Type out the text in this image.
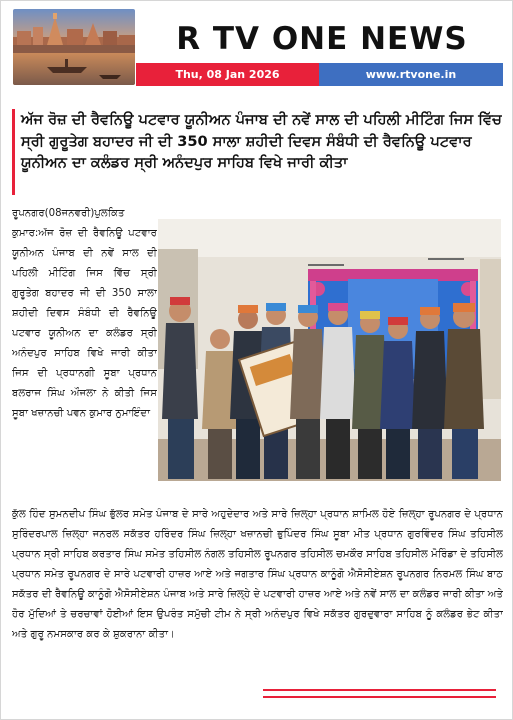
R TV ONE NEWS
Thu, 08 Jan 2026	www.rtvone.in
ਅੱਜ ਰੋਜ਼ ਦੀ ਰੈਵਨਿਊ ਪਟਵਾਰ ਯੂਨੀਅਨ ਪੰਜਾਬ ਦੀ ਨਵੇਂ ਸਾਲ ਦੀ ਪਹਿਲੀ ਮੀਟਿੰਗ ਜਿਸ ਵਿੱਚ ਸ੍ਰੀ ਗੁਰੂਤੇਗ ਬਹਾਦਰ ਜੀ ਦੀ 350 ਸਾਲਾ ਸ਼ਹੀਦੀ ਦਿਵਸ ਸੰਬੰਧੀ ਦੀ ਰੈਵਨਿਊ ਪਟਵਾਰ ਯੂਨੀਅਨ ਦਾ ਕਲੰਡਰ ਸ੍ਰੀ ਅਨੰਦਪੁਰ ਸਾਹਿਬ ਵਿਖੇ ਜਾਰੀ ਕੀਤਾ
ਰੂਪਨਗਰ(08ਜਨਵਰੀ)ਪੁਲਕਿਤ ਕੁਮਾਰ:ਅੱਜ ਰੋਜ਼ ਦੀ ਰੈਵਨਿਊ ਪਟਵਾਰ ਯੂਨੀਅਨ ਪੰਜਾਬ ਦੀ ਨਵੇਂ ਸਾਲ ਦੀ ਪਹਿਲੀ ਮੀਟਿੰਗ ਜਿਸ ਵਿੱਚ ਸ੍ਰੀ ਗੁਰੂਤੇਗ ਬਹਾਦਰ ਜੀ ਦੀ 350 ਸਾਲਾ ਸ਼ਹੀਦੀ ਦਿਵਸ ਸੰਬੰਧੀ ਦੀ ਰੈਵਨਿਊ ਪਟਵਾਰ ਯੂਨੀਅਨ ਦਾ ਕਲੰਡਰ ਸ੍ਰੀ ਅਨੰਦਪੁਰ ਸਾਹਿਬ ਵਿਖੇ ਜਾਰੀ ਕੀਤਾ ਜਿਸ ਦੀ ਪ੍ਰਧਾਨਗੀ ਸੂਬਾ ਪ੍ਰਧਾਨ ਬਲਰਾਜ ਸਿੰਘ ਔਜਲਾ ਨੇ ਕੀਤੀ ਜਿਸ ਸੂਬਾ ਖਜ਼ਾਨਚੀ ਪਵਨ ਕੁਮਾਰ ਨੁਮਾਇੰਦਾ
ਕੁੱਲ ਹਿੰਦ ਸੁਮਨਦੀਪ ਸਿੰਘ ਭੁੱਲਰ ਸਮੇਤ ਪੰਜਾਬ ਦੇ ਸਾਰੇ ਅਹੁਦੇਦਾਰ ਅਤੇ ਸਾਰੇ ਜ਼ਿਲ੍ਹਾ ਪ੍ਰਧਾਨ ਸ਼ਾਮਿਲ ਹੋਏ ਜ਼ਿਲ੍ਹਾ ਰੂਪਨਗਰ ਦੇ ਪ੍ਰਧਾਨ ਸੁਰਿੰਦਰਪਾਲ ਜ਼ਿਲ੍ਹਾ ਜਨਰਲ ਸਕੱਤਰ ਹਰਿੰਦਰ ਸਿੰਘ ਜ਼ਿਲ੍ਹਾ ਖਜ਼ਾਨਚੀ ਭੁਪਿੰਦਰ ਸਿੰਘ ਸੂਬਾ ਮੀਤ ਪ੍ਰਧਾਨ ਗੁਰਵਿੰਦਰ ਸਿੰਘ ਤਹਿਸੀਲ ਪ੍ਰਧਾਨ ਸ੍ਰੀ ਸਾਹਿਬ ਕਰਤਾਰ ਸਿੰਘ ਸਮੇਤ ਤਹਿਸੀਲ ਨੰਗਲ ਤਹਿਸੀਲ ਰੂਪਨਗਰ ਤਹਿਸੀਲ ਚਮਕੌਰ ਸਾਹਿਬ ਤਹਿਸੀਲ ਮੋਰਿੰਡਾ ਦੇ ਤਹਿਸੀਲ ਪ੍ਰਧਾਨ ਸਮੇਤ ਰੂਪਨਗਰ ਦੇ ਸਾਰੇ ਪਟਵਾਰੀ ਹਾਜ਼ਰ ਆਏ ਅਤੇ ਜਗਤਾਰ ਸਿੰਘ ਪ੍ਰਧਾਨ ਕਾਨੂੰਗੋ ਐਸੋਸੀਏਸ਼ਨ ਰੂਪਨਗਰ ਨਿਰਮਲ ਸਿੰਘ ਬਾਠ ਸਕੱਤਰ ਦੀ ਰੈਵਨਿਊ ਕਾਨੂੰਗੋ ਐਸੋਸੀਏਸ਼ਨ ਪੰਜਾਬ ਅਤੇ ਸਾਰੇ ਜ਼ਿਲ੍ਹੇ ਦੇ ਪਟਵਾਰੀ ਹਾਜ਼ਰ ਆਏ ਅਤੇ ਨਵੇਂ ਸਾਲ ਦਾ ਕਲੰਡਰ ਜਾਰੀ ਕੀਤਾ ਅਤੇ ਹੋਰ ਮੁੱਦਿਆਂ ਤੇ ਚਰਚਾਵਾਂ ਹੋਈਆਂ ਇਸ ਉਪਰੰਤ ਸਮੁੱਚੀ ਟੀਮ ਨੇ ਸ੍ਰੀ ਅਨੰਦਪੁਰ ਵਿਖੇ ਸਕੱਤਰ ਗੁਰਦੁਵਾਰਾ ਸਾਹਿਬ ਨੂੰ ਕਲੰਡਰ ਭੇਟ ਕੀਤਾ ਅਤੇ ਗੁਰੂ ਨਮਸਕਾਰ ਕਰ ਕੇ ਸ਼ੁਕਰਾਨਾ ਕੀਤਾ।
